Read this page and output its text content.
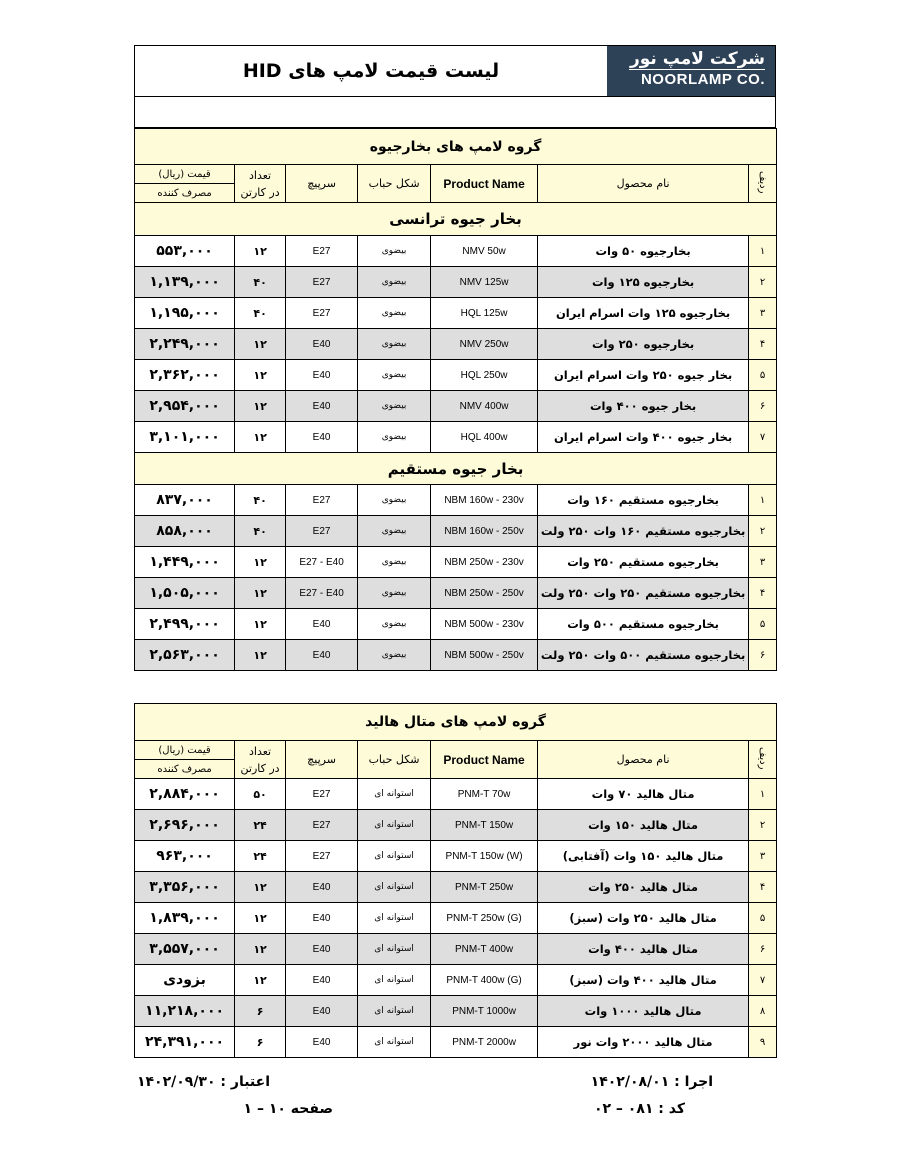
لیست قیمت لامپ های HID
شرکت لامپ نور
NOORLAMP CO.
گروه لامپ های بخارجیوه						
ردیف	نام محصول	Product Name	شکل حباب	سرپیچ	تعداد
در کارتن	قیمت (ریال)
						مصرف کننده
بخار جیوه ترانسی						
۱	بخارجیوه ۵۰ وات	NMV 50w	بیضوی	E27	۱۲	۵۵۳,۰۰۰
۲	بخارجیوه ۱۲۵ وات	NMV 125w	بیضوی	E27	۴۰	۱,۱۳۹,۰۰۰
۳	بخارجیوه ۱۲۵ وات اسرام ایران	HQL 125w	بیضوی	E27	۴۰	۱,۱۹۵,۰۰۰
۴	بخارجیوه ۲۵۰ وات	NMV 250w	بیضوی	E40	۱۲	۲,۲۴۹,۰۰۰
۵	بخار جیوه ۲۵۰ وات اسرام ایران	HQL 250w	بیضوی	E40	۱۲	۲,۳۶۲,۰۰۰
۶	بخار جیوه ۴۰۰ وات	NMV 400w	بیضوی	E40	۱۲	۲,۹۵۴,۰۰۰
۷	بخار جیوه ۴۰۰ وات اسرام ایران	HQL 400w	بیضوی	E40	۱۲	۳,۱۰۱,۰۰۰
بخار جیوه مستقیم						
۱	بخارجیوه مستقیم ۱۶۰ وات	NBM 160w - 230v	بیضوی	E27	۴۰	۸۳۷,۰۰۰
۲	بخارجیوه مستقیم ۱۶۰ وات ۲۵۰ ولت	NBM 160w - 250v	بیضوی	E27	۴۰	۸۵۸,۰۰۰
۳	بخارجیوه مستقیم ۲۵۰ وات	NBM 250w - 230v	بیضوی	E27 - E40	۱۲	۱,۴۴۹,۰۰۰
۴	بخارجیوه مستقیم ۲۵۰ وات ۲۵۰ ولت	NBM 250w - 250v	بیضوی	E27 - E40	۱۲	۱,۵۰۵,۰۰۰
۵	بخارجیوه مستقیم ۵۰۰ وات	NBM 500w - 230v	بیضوی	E40	۱۲	۲,۴۹۹,۰۰۰
۶	بخارجیوه مستقیم ۵۰۰ وات ۲۵۰ ولت	NBM 500w - 250v	بیضوی	E40	۱۲	۲,۵۶۳,۰۰۰
گروه لامپ های متال هالید						
ردیف	نام محصول	Product Name	شکل حباب	سرپیچ	تعداد
در کارتن	قیمت (ریال)
						مصرف کننده
۱	متال هالید ۷۰ وات	PNM-T 70w	استوانه ای	E27	۵۰	۲,۸۸۴,۰۰۰
۲	متال هالید ۱۵۰ وات	PNM-T 150w	استوانه ای	E27	۲۴	۲,۶۹۶,۰۰۰
۳	متال هالید ۱۵۰ وات (آفتابی)	PNM-T 150w (W)	استوانه ای	E27	۲۴	۹۶۳,۰۰۰
۴	متال هالید ۲۵۰ وات	PNM-T 250w	استوانه ای	E40	۱۲	۳,۳۵۶,۰۰۰
۵	متال هالید ۲۵۰ وات (سبز)	PNM-T 250w (G)	استوانه ای	E40	۱۲	۱,۸۳۹,۰۰۰
۶	متال هالید ۴۰۰ وات	PNM-T 400w	استوانه ای	E40	۱۲	۳,۵۵۷,۰۰۰
۷	متال هالید ۴۰۰ وات (سبز)	PNM-T 400w (G)	استوانه ای	E40	۱۲	بزودی
۸	متال هالید ۱۰۰۰ وات	PNM-T 1000w	استوانه ای	E40	۶	۱۱,۲۱۸,۰۰۰
۹	متال هالید ۲۰۰۰ وات نور	PNM-T 2000w	استوانه ای	E40	۶	۲۴,۳۹۱,۰۰۰
اجرا : ۱۴۰۲/۰۸/۰۱
اعتبار : ۱۴۰۲/۰۹/۳۰
کد : ۰۸۱ – ۰۲
صفحه ۱۰ – ۱
